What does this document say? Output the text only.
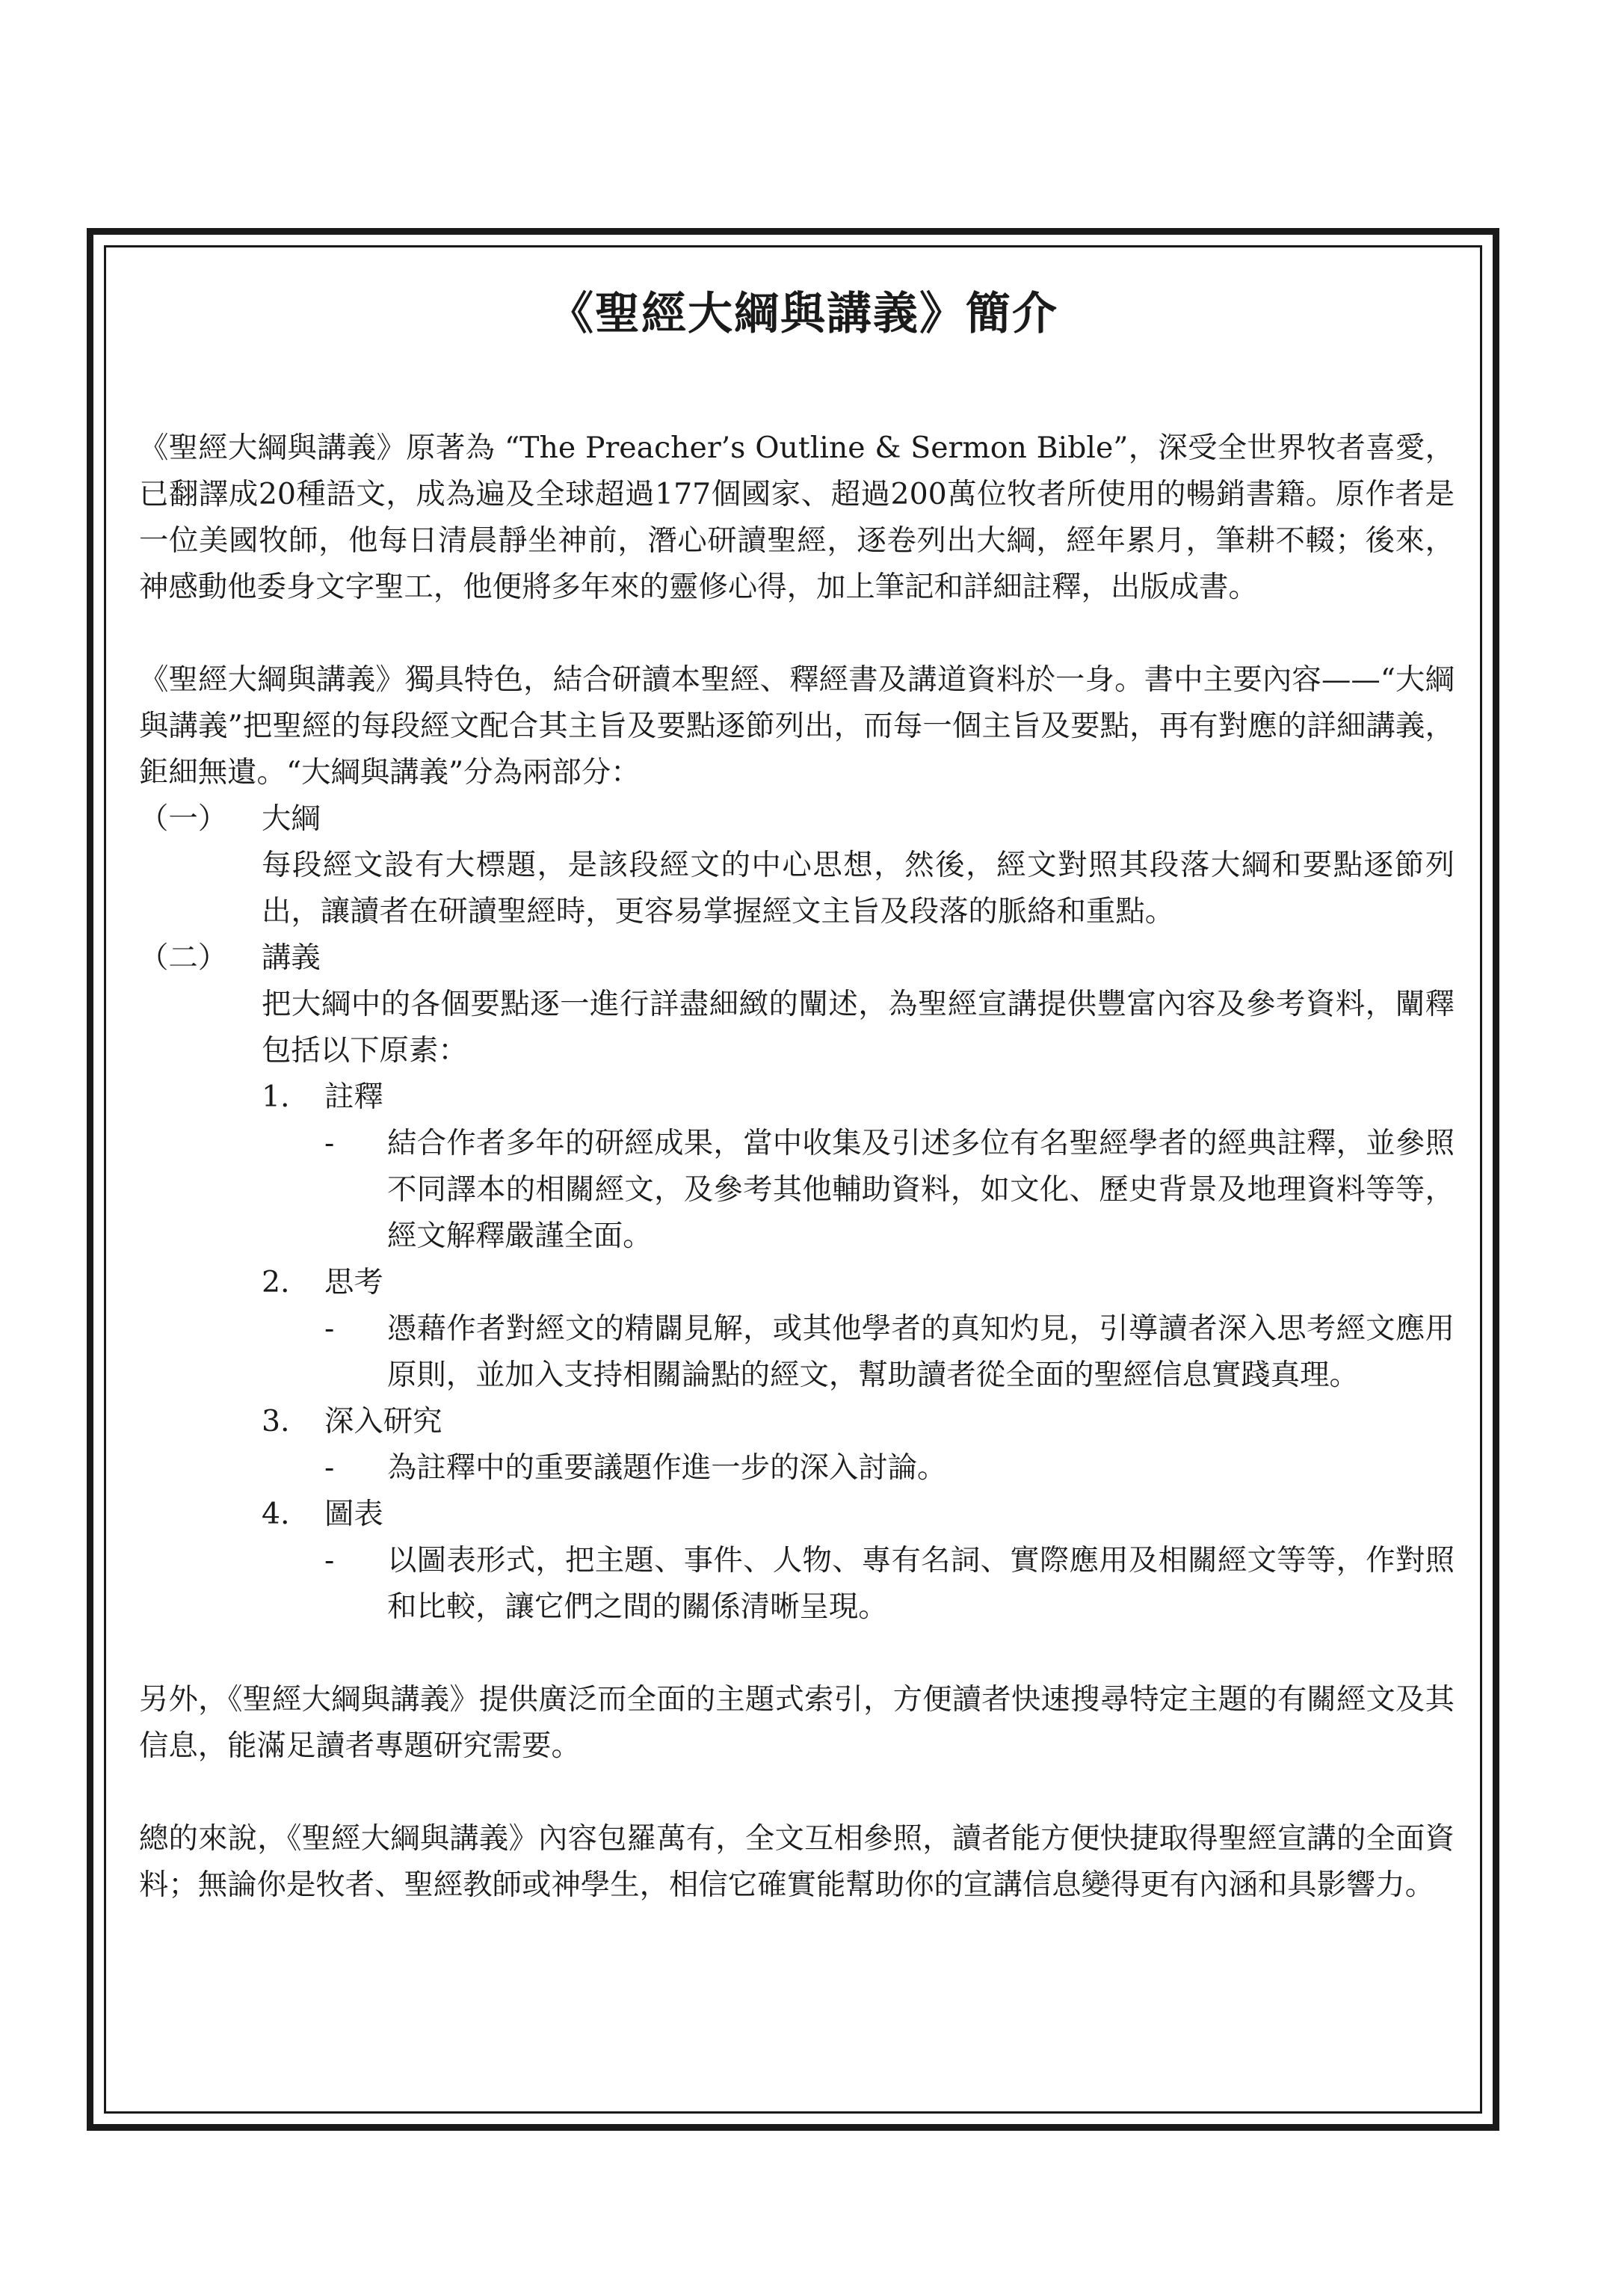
《聖經大綱與講義》簡介

《聖經大綱與講義》原著為 “The Preacher’s Outline & Sermon Bible”，深受全世界牧者喜愛，已翻譯成20種語文，成為遍及全球超過177個國家、超過200萬位牧者所使用的暢銷書籍。原作者是一位美國牧師，他每日清晨靜坐神前，潛心研讀聖經，逐卷列出大綱，經年累月，筆耕不輟；後來，神感動他委身文字聖工，他便將多年來的靈修心得，加上筆記和詳細註釋，出版成書。

《聖經大綱與講義》獨具特色，結合研讀本聖經、釋經書及講道資料於一身。書中主要內容——“大綱與講義”把聖經的每段經文配合其主旨及要點逐節列出，而每一個主旨及要點，再有對應的詳細講義，鉅細無遺。“大綱與講義”分為兩部分：

（一）	大綱

每段經文設有大標題，是該段經文的中心思想，然後，經文對照其段落大綱和要點逐節列出，讓讀者在研讀聖經時，更容易掌握經文主旨及段落的脈絡和重點。

（二）	講義

把大綱中的各個要點逐一進行詳盡細緻的闡述，為聖經宣講提供豐富內容及參考資料，闡釋包括以下原素：

1.	註釋
-	結合作者多年的研經成果，當中收集及引述多位有名聖經學者的經典註釋，並參照不同譯本的相關經文，及參考其他輔助資料，如文化、歷史背景及地理資料等等，經文解釋嚴謹全面。
2.	思考
-	憑藉作者對經文的精闢見解，或其他學者的真知灼見，引導讀者深入思考經文應用原則，並加入支持相關論點的經文，幫助讀者從全面的聖經信息實踐真理。
3.	深入研究
-	為註釋中的重要議題作進一步的深入討論。
4.	圖表
-	以圖表形式，把主題、事件、人物、專有名詞、實際應用及相關經文等等，作對照和比較，讓它們之間的關係清晰呈現。

另外，《聖經大綱與講義》提供廣泛而全面的主題式索引，方便讀者快速搜尋特定主題的有關經文及其信息，能滿足讀者專題研究需要。

總的來說，《聖經大綱與講義》內容包羅萬有，全文互相參照，讀者能方便快捷取得聖經宣講的全面資料；無論你是牧者、聖經教師或神學生，相信它確實能幫助你的宣講信息變得更有內涵和具影響力。
